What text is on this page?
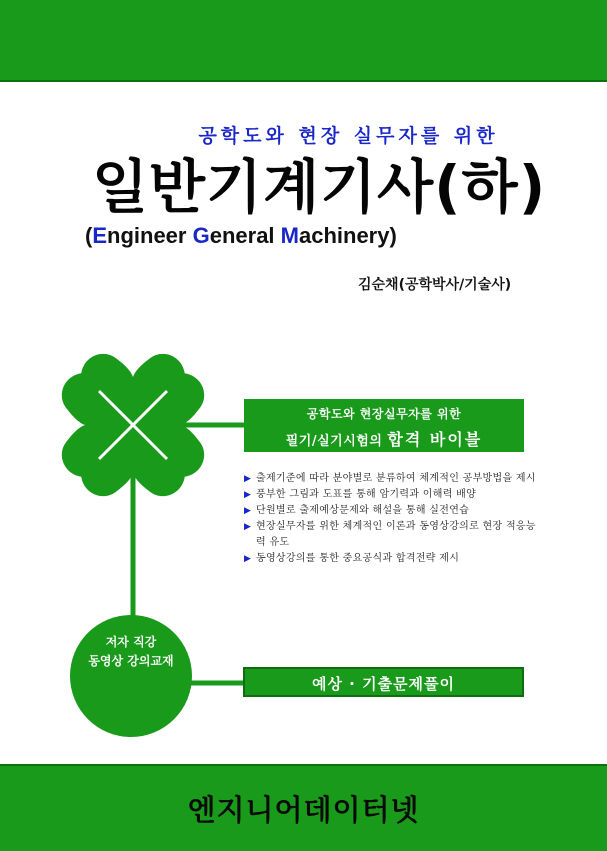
공학도와 현장 실무자를 위한
일반기계기사(하)
(Engineer General Machinery)
김순채(공학박사/기술사)
공학도와 현장실무자를 위한
필기/실기시험의 합격 바이블
▶ 출제기준에 따라 분야별로 분류하여 체계적인 공부방법을 제시
▶ 풍부한 그림과 도표를 통해 암기력과 이해력 배양
▶ 단원별로 출제예상문제와 해설을 통해 실전연습
▶ 현장실무자를 위한 체계적인 이론과 동영상강의로 현장 적응능력 유도
▶ 동영상강의를 통한 중요공식과 합격전략 제시
저자 직강
동영상 강의교재
예상 · 기출문제풀이
엔지니어데이터넷
